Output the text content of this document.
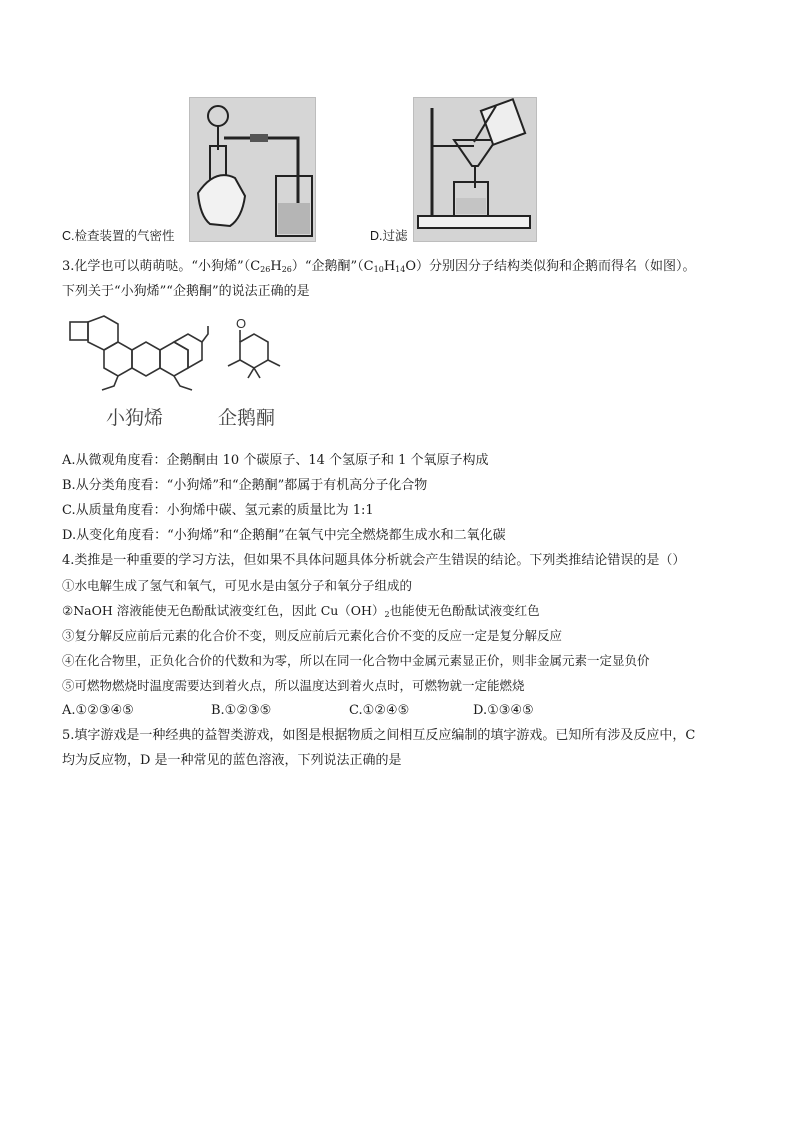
C.检查装置的气密性	D.过滤
3.化学也可以萌萌哒。“小狗烯$”(C_{26}H_{26})“$企鹅酮$”(C_{10}H_{14}O)$分别因分子结构类似狗和企鹅而得名（如图）。
下列关于“小狗烯”“企鹅酮”的说法正确的是
O
小狗烯	企鹅酮
A.从微观角度看：企鹅酮由 10 个碳原子、14 个氢原子和 1 个氧原子构成
B.从分类角度看：“小狗烯”和“企鹅酮”都属于有机高分子化合物
C.从质量角度看：小狗烯中碳、氢元素的质量比为 1:1
D.从变化角度看：“小狗烯”和“企鹅酮”在氧气中完全燃烧都生成水和二氧化碳
4.类推是一种重要的学习方法，但如果不具体问题具体分析就会产生错误的结论。下列类推结论错误的是（）
①水电解生成了氢气和氧气，可见水是由氢分子和氧分子组成的
②NaOH 溶液能使无色酚酞试液变红色，因此 $Cu(OH)_2$也能使无色酚酞试液变红色
③复分解反应前后元素的化合价不变，则反应前后元素化合价不变的反应一定是复分解反应
④在化合物里，正负化合价的代数和为零，所以在同一化合物中金属元素显正价，则非金属元素一定显负价
⑤可燃物燃烧时温度需要达到着火点，所以温度达到着火点时，可燃物就一定能燃烧
A.①②③④⑤	B.①②③⑤	C.①②④⑤	D.①③④⑤
5.填字游戏是一种经典的益智类游戏，如图是根据物质之间相互反应编制的填字游戏。已知所有涉及反应中，C
均为反应物，D 是一种常见的蓝色溶液，下列说法正确的是
